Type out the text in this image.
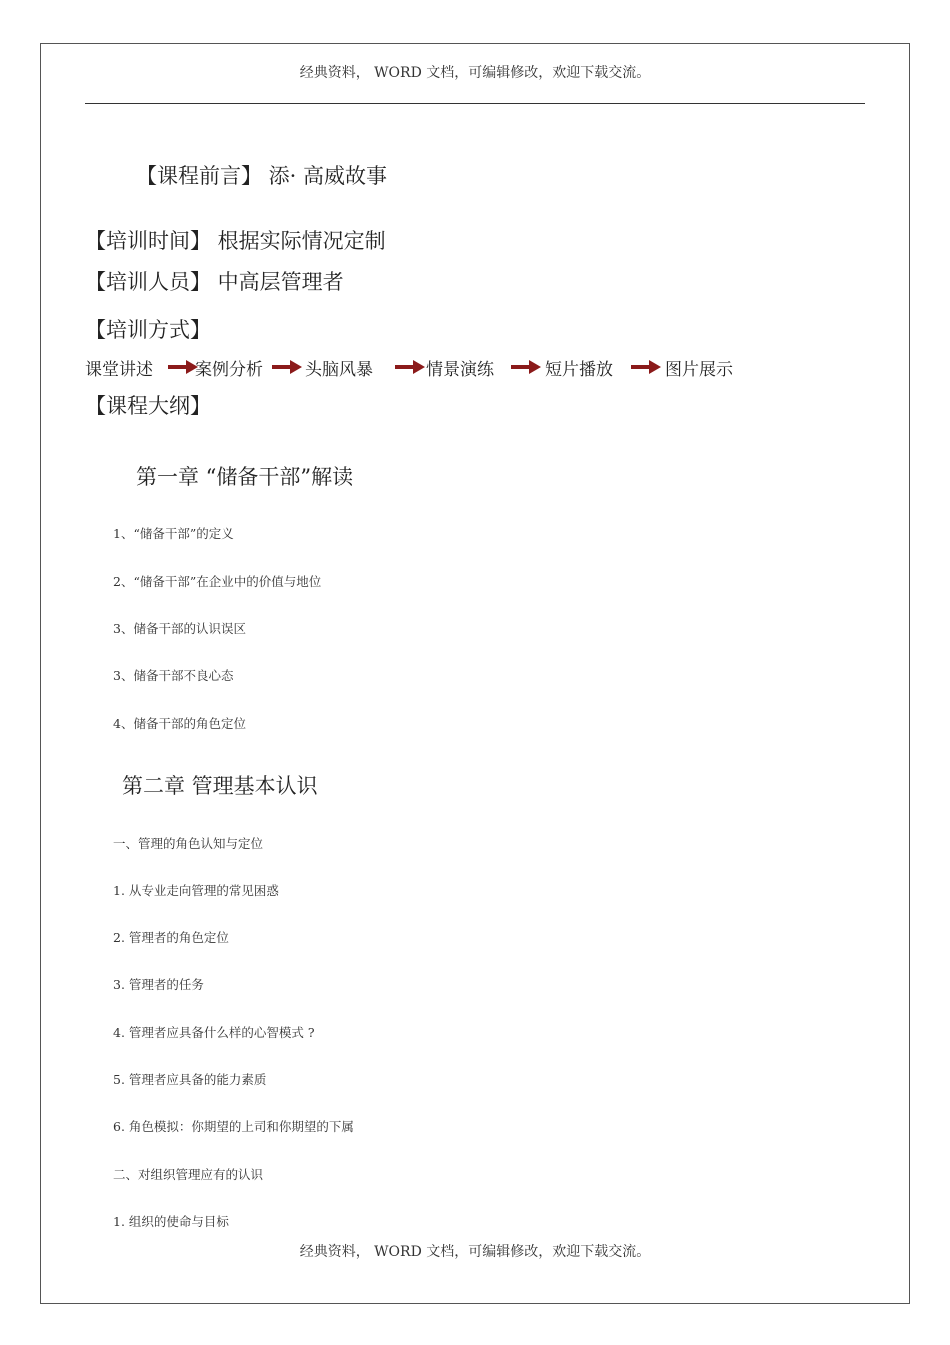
经典资料， WORD 文档，可编辑修改，欢迎下载交流。
【课程前言】 添· 高威故事
【培训时间】 根据实际情况定制
【培训人员】 中高层管理者
【培训方式】
课堂讲述 案例分析 头脑风暴	情景演练	短片播放	图片展示
【课程大纲】
第一章 “储备干部”解读
1、“储备干部”的定义
2、“储备干部”在企业中的价值与地位
3、储备干部的认识误区
3、储备干部不良心态
4、储备干部的角色定位
第二章 管理基本认识
一、管理的角色认知与定位
1. 从专业走向管理的常见困惑
2. 管理者的角色定位
3. 管理者的任务
4. 管理者应具备什么样的心智模式 ?
5. 管理者应具备的能力素质
6. 角色模拟：你期望的上司和你期望的下属
二、对组织管理应有的认识
1. 组织的使命与目标
经典资料， WORD 文档，可编辑修改，欢迎下载交流。
